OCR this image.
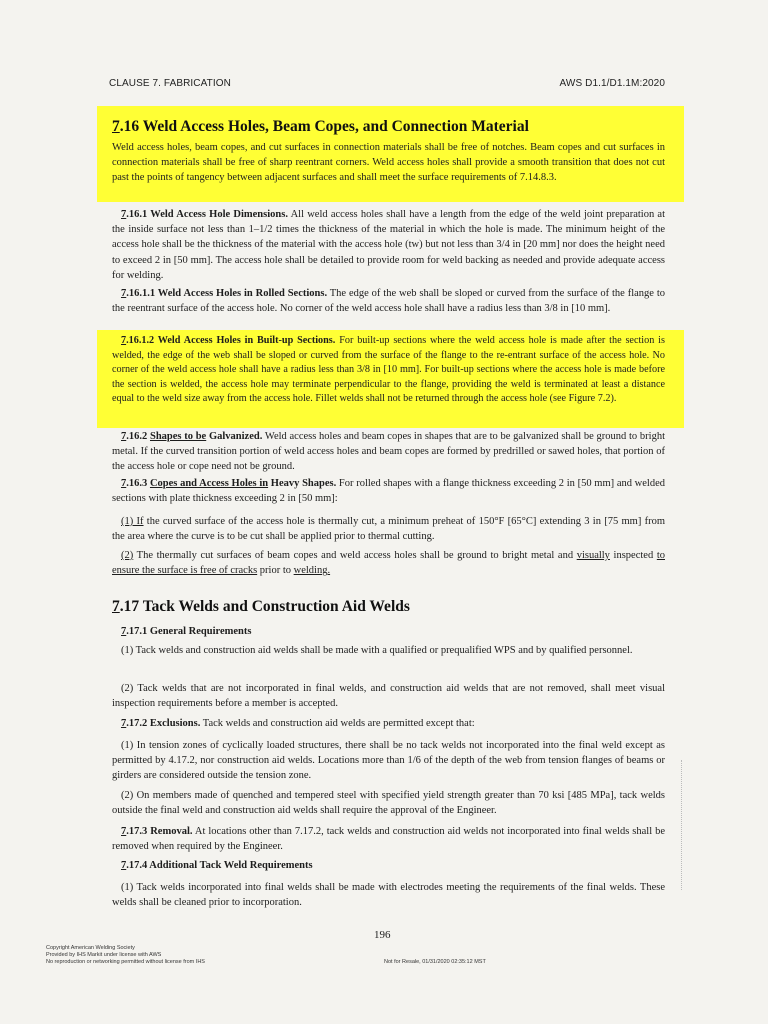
CLAUSE 7. FABRICATION	AWS D1.1/D1.1M:2020
7.16 Weld Access Holes, Beam Copes, and Connection Material
Weld access holes, beam copes, and cut surfaces in connection materials shall be free of notches. Beam copes and cut surfaces in connection materials shall be free of sharp reentrant corners. Weld access holes shall provide a smooth transition that does not cut past the points of tangency between adjacent surfaces and shall meet the surface requirements of 7.14.8.3.
7.16.1 Weld Access Hole Dimensions. All weld access holes shall have a length from the edge of the weld joint preparation at the inside surface not less than 1–1/2 times the thickness of the material in which the hole is made. The minimum height of the access hole shall be the thickness of the material with the access hole (tw) but not less than 3/4 in [20 mm] nor does the height need to exceed 2 in [50 mm]. The access hole shall be detailed to provide room for weld backing as needed and provide adequate access for welding.
7.16.1.1 Weld Access Holes in Rolled Sections. The edge of the web shall be sloped or curved from the surface of the flange to the reentrant surface of the access hole. No corner of the weld access hole shall have a radius less than 3/8 in [10 mm].
7.16.1.2 Weld Access Holes in Built-up Sections. For built-up sections where the weld access hole is made after the section is welded, the edge of the web shall be sloped or curved from the surface of the flange to the re-entrant surface of the access hole. No corner of the weld access hole shall have a radius less than 3/8 in [10 mm]. For built-up sections where the access hole is made before the section is welded, the access hole may terminate perpendicular to the flange, providing the weld is terminated at least a distance equal to the weld size away from the access hole. Fillet welds shall not be returned through the access hole (see Figure 7.2).
7.16.2 Shapes to be Galvanized. Weld access holes and beam copes in shapes that are to be galvanized shall be ground to bright metal. If the curved transition portion of weld access holes and beam copes are formed by predrilled or sawed holes, that portion of the access hole or cope need not be ground.
7.16.3 Copes and Access Holes in Heavy Shapes. For rolled shapes with a flange thickness exceeding 2 in [50 mm] and welded sections with plate thickness exceeding 2 in [50 mm]:
(1) If the curved surface of the access hole is thermally cut, a minimum preheat of 150°F [65°C] extending 3 in [75 mm] from the area where the curve is to be cut shall be applied prior to thermal cutting.
(2) The thermally cut surfaces of beam copes and weld access holes shall be ground to bright metal and visually inspected to ensure the surface is free of cracks prior to welding.
7.17 Tack Welds and Construction Aid Welds
7.17.1 General Requirements
(1) Tack welds and construction aid welds shall be made with a qualified or prequalified WPS and by qualified personnel.
(2) Tack welds that are not incorporated in final welds, and construction aid welds that are not removed, shall meet visual inspection requirements before a member is accepted.
7.17.2 Exclusions. Tack welds and construction aid welds are permitted except that:
(1) In tension zones of cyclically loaded structures, there shall be no tack welds not incorporated into the final weld except as permitted by 4.17.2, nor construction aid welds. Locations more than 1/6 of the depth of the web from tension flanges of beams or girders are considered outside the tension zone.
(2) On members made of quenched and tempered steel with specified yield strength greater than 70 ksi [485 MPa], tack welds outside the final weld and construction aid welds shall require the approval of the Engineer.
7.17.3 Removal. At locations other than 7.17.2, tack welds and construction aid welds not incorporated into final welds shall be removed when required by the Engineer.
7.17.4 Additional Tack Weld Requirements
(1) Tack welds incorporated into final welds shall be made with electrodes meeting the requirements of the final welds. These welds shall be cleaned prior to incorporation.
196
Copyright American Welding Society
Provided by IHS Markit under license with AWS
No reproduction or networking permitted without license from IHS	Not for Resale, 01/31/2020 02:35:12 MST
